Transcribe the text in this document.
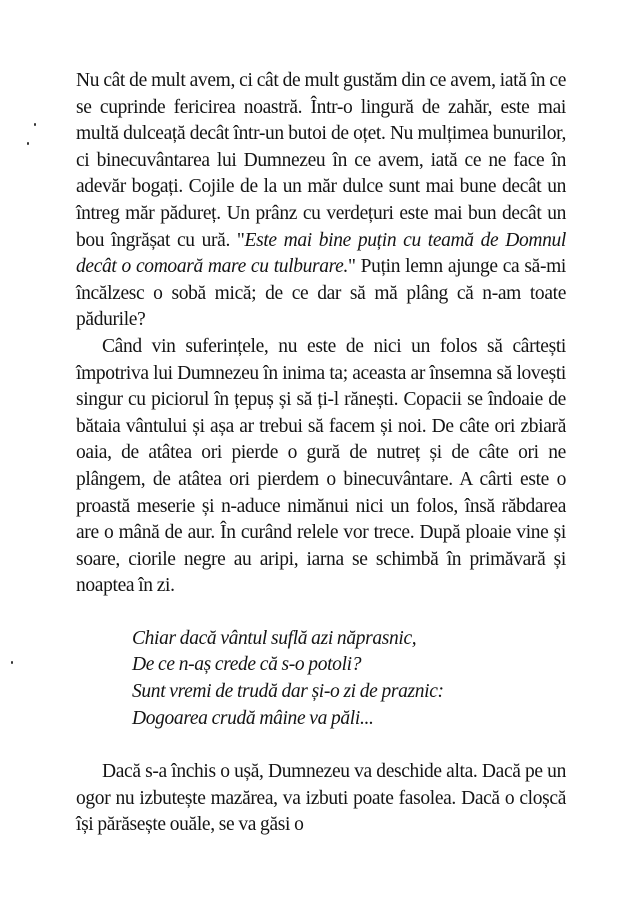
Nu cât de mult avem, ci cât de mult gustăm din ce avem, iată în ce se cuprinde fericirea noastră. Într-o lingură de zahăr, este mai multă dulceață decât într-un butoi de oțet. Nu mulțimea bunurilor, ci binecuvântarea lui Dumnezeu în ce avem, iată ce ne face în adevăr bogați. Cojile de la un măr dulce sunt mai bune decât un întreg măr pădureț. Un prânz cu verdețuri este mai bun decât un bou îngrășat cu ură. "Este mai bine puțin cu teamă de Domnul decât o comoară mare cu tulburare." Puțin lemn ajunge ca să-mi încălzesc o sobă mică; de ce dar să mă plâng că n-am toate pădurile?

Când vin suferințele, nu este de nici un folos să cârtești împotriva lui Dumnezeu în inima ta; aceasta ar însemna să lovești singur cu piciorul în țepuș și să ți-l rănești. Copacii se îndoaie de bătaia vântului și așa ar trebui să facem și noi. De câte ori zbiară oaia, de atâtea ori pierde o gură de nutreț și de câte ori ne plângem, de atâtea ori pierdem o binecuvântare. A cârti este o proastă meserie și n-aduce nimănui nici un folos, însă răbdarea are o mână de aur. În curând relele vor trece. După ploaie vine și soare, ciorile negre au aripi, iarna se schimbă în primăvară și noaptea în zi.

Chiar dacă vântul suflă azi năprasnic,
De ce n-aș crede că s-o potoli?
Sunt vremi de trudă dar și-o zi de praznic:
Dogoarea crudă mâine va păli...

Dacă s-a închis o ușă, Dumnezeu va deschide alta. Dacă pe un ogor nu izbutește mazărea, va izbuti poate fasolea. Dacă o cloșcă își părăsește ouăle, se va găsi o
